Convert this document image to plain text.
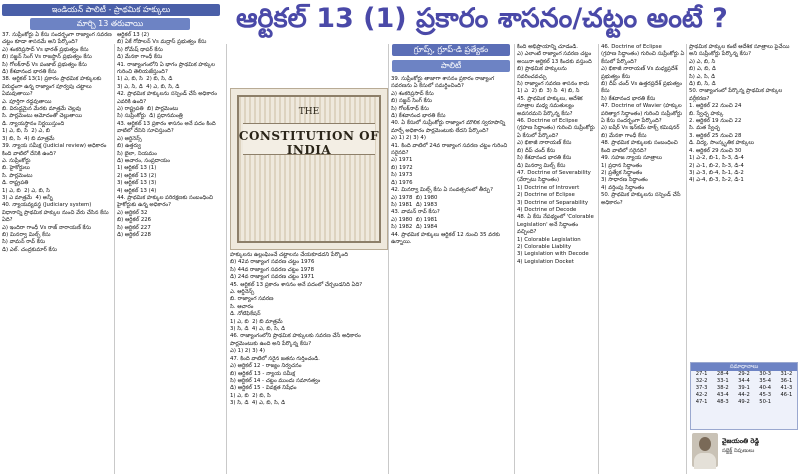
ఇండియన్‌ పాలిటీ - ప్రాథమిక హక్కులు
మార్చి 13 తరువాయి	ఆర్టికల్‌ 13 (1) ప్రకారం శాసనం/చట్టం అంటే ?
గ్రూప్స్‌, గ్రూప్‌-డి ప్రత్యేకం
పాలిటీ
37. సుప్రీంకోర్టు ఏ కేసు సందర్భంగా రాజ్యాంగ సవరణ చట్టం కూడా శాసనమే అని పేర్కొంది?
ఎ) శంకరిప్రసాద్‌ Vs భారత్‌ ప్రభుత్వం కేసు
బి) సజ్జన్‌ సింగ్‌ Vs రాజస్థాన్‌ ప్రభుత్వం కేసు
సి) గోలక్‌నాథ్‌ Vs పంజాబ్‌ ప్రభుత్వం కేసు
డి) కేశవానంద భారతి కేసు
38. ఆర్టికల్‌ 13(1) ప్రకారం ప్రాథమిక హక్కులకు విరుద్ధంగా ఉన్న రాజ్యాంగ పూర్వపు చట్టాలు ఏమవుతాయి?
ఎ. పూర్తిగా రద్దవుతాయి
బి. విరుద్ధమైన మేరకు మాత్రమే చెల్లవు
సి. పార్లమెంటు ఆమోదంతో చెల్లుతాయి
డి. న్యాయస్థానం నిర్ణయిస్తుంది
1) ఎ, బి, సి  2) ఎ, బి
3) బి, సి  4) బి మాత్రమే
39. న్యాయ సమీక్ష (Judicial review) అధికారం కింది వాటిలో దేనికి ఉంది?
ఎ. సుప్రీంకోర్టు
బి. హైకోర్టులు
సి. పార్లమెంటు
డి. రాష్ట్రపతి
1) ఎ, బి  2) ఎ, బి, సి
3) ఎ మాత్రమే  4) అన్నీ
40. న్యాయవ్యవస్థ (Judiciary system) విధానాన్ని ప్రాథమిక హక్కుల నుంచి వేరు చేసిన కేసు ఏది?
ఎ) ఇందిరా గాంధీ Vs రాజ్‌ నారాయణ్‌ కేసు
బి) మినర్వా మిల్స్‌ కేసు
సి) వామన్‌ రావ్‌ కేసు
డి) ఎల్‌. చంద్రకుమార్‌ కేసు
ఆర్టికల్‌ 13 (2)
బి) ఏకే గోపాలన్‌ Vs మద్రాస్‌ ప్రభుత్వం కేసు
సి) రోమేష్‌ థాపర్‌ కేసు
డి) మేనకా గాంధీ కేసు
41. రాజ్యాంగంలోని ఏ భాగం ప్రాథమిక హక్కుల గురించి తెలియజేస్తుంది?
1) ఎ, బి, సి  2) బి, సి, డి
3) ఎ, సి, డి  4) ఎ, బి, సి, డి
42. ప్రాథమిక హక్కులను సస్పెండ్‌ చేసే అధికారం ఎవరికి ఉంది?
ఎ) రాష్ట్రపతి  బి) పార్లమెంటు
సి) సుప్రీంకోర్టు  డి) ప్రధానమంత్రి
43. ఆర్టికల్‌ 13 ప్రకారం శాసనం అనే పదం కింది వాటిలో దేనిని సూచిస్తుంది?
ఎ) ఆర్డినెన్స్‌
బి) ఉత్తర్వు
సి) బైలా, నియమం
డి) ఆచారం, సంప్రదాయం
1) ఆర్టికల్‌ 13 (1)
2) ఆర్టికల్‌ 13 (2)
3) ఆర్టికల్‌ 13 (3)
4) ఆర్టికల్‌ 13 (4)
44. ప్రాథమిక హక్కుల పరిరక్షణకు సంబంధించి హైకోర్టుకు ఉన్న అధికారం?
ఎ) ఆర్టికల్‌ 32
బి) ఆర్టికల్‌ 226
సి) ఆర్టికల్‌ 227
డి) ఆర్టికల్‌ 228
THE
CONSTITUTION OF INDIA
హక్కులను ఉల్లంఘించే చట్టాలను చేయకూడదని పేర్కొంది
బి) 42వ రాజ్యాంగ సవరణ చట్టం 1976
సి) 44వ రాజ్యాంగ సవరణ చట్టం 1978
డి) 24వ రాజ్యాంగ సవరణ చట్టం 1971
45. ఆర్టికల్‌ 13 ప్రకారం శాసనం అనే పదంలో చేర్చబడనిది ఏది?
ఎ. ఆర్డినెన్స్‌
బి. రాజ్యాంగ సవరణ
సి. ఆచారం
డి. నోటిఫికేషన్‌
1) ఎ, బి  2) బి మాత్రమే
3) సి, డి  4) ఎ, బి, సి, డి
46. రాజ్యాంగంలోని ప్రాథమిక హక్కులకు సవరణ చేసే అధికారం పార్లమెంటుకు ఉంది అని పేర్కొన్న కేసు?
ఎ) 1) 2) 3) 4)
47. కింది వాటిలో సరైన జతను గుర్తించండి.
ఎ) ఆర్టికల్‌ 12 - రాజ్యం నిర్వచనం
బి) ఆర్టికల్‌ 13 - న్యాయ సమీక్ష
సి) ఆర్టికల్‌ 14 - చట్టం ముందు సమానత్వం
డి) ఆర్టికల్‌ 15 - వివక్షత నిషేధం
1) ఎ, బి  2) బి, సి
3) సి, డి  4) ఎ, బి, సి, డి
39. సుప్రీంకోర్టు తాజాగా శాసనం ప్రకారం రాజ్యాంగ సవరణను ఏ కేసులో సమర్థించింది?
ఎ) శంకరిప్రసాద్‌ కేసు
బి) సజ్జన్‌ సింగ్‌ కేసు
సి) గోలక్‌నాథ్‌ కేసు
డి) కేశవానంద భారతి కేసు
40. ఏ కేసులో సుప్రీంకోర్టు రాజ్యాంగ మౌలిక స్వరూపాన్ని మార్చే అధికారం పార్లమెంటుకు లేదని పేర్కొంది?
ఎ) 1) 2) 3) 4)
41. కింది వాటిలో 24వ రాజ్యాంగ సవరణ చట్టం గురించి సరైనది?
ఎ) 1971
బి) 1972
సి) 1973
డి) 1976
42. మినర్వా మిల్స్‌ కేసు ఏ సంవత్సరంలో తీర్పు?
ఎ) 1978  బి) 1980
సి) 1981  డి) 1983
43. వామన్‌ రావ్‌ కేసు?
ఎ) 1980  బి) 1981
సి) 1982  డి) 1984
44. ప్రాథమిక హక్కులు ఆర్టికల్‌ 12 నుంచి 35 వరకు ఉన్నాయి.
కింది అభిప్రాయాన్ని చూడండి.
ఎ) ఎలాంటి రాజ్యాంగ సవరణ చట్టం అయినా ఆర్టికల్‌ 13 కిందకు వస్తుంది
బి) ప్రాథమిక హక్కులను సవరించవచ్చు
సి) రాజ్యాంగ సవరణ శాసనం కాదు
1) ఎ  2) బి  3) సి  4) బి, సి
45. ప్రాథమిక హక్కులు, ఆదేశిక సూత్రాల మధ్య సమతుల్యం అవసరమని పేర్కొన్న కేసు?
46. Doctrine of Eclipse
(గ్రహణ సిద్ధాంతం) గురించి సుప్రీంకోర్టు ఏ కేసులో పేర్కొంది?
ఎ) భికాజీ నారాయణ్‌ కేసు
బి) దీప్‌ చంద్‌ కేసు
సి) కేశవానంద భారతి కేసు
డి) మినర్వా మిల్స్‌ కేసు
47. Doctrine of Severability
(వేర్పాటు సిద్ధాంతం)
1) Doctrine of Introvert
2) Doctrine of Eclipse
3) Doctrine of Separability
4) Doctrine of Decode
48. ఏ కేసు నేపథ్యంలో 'Colorable Legislation' అనే సిద్ధాంతం వచ్చింది?
1) Colorable Legislation
2) Colorable Liablity
3) Legislation with Decode
4) Legislation Docket
46. Doctrine of Eclipse
(గ్రహణ సిద్ధాంతం) గురించి సుప్రీంకోర్టు ఏ కేసులో పేర్కొంది?
ఎ) భికాజీ నారాయణ్‌ Vs మధ్యప్రదేశ్‌ ప్రభుత్వం కేసు
బి) దీప్‌ చంద్‌ Vs ఉత్తరప్రదేశ్‌ ప్రభుత్వం కేసు
సి) కేశవానంద భారతి కేసు
47. Doctrine of Wavier (హక్కుల పరిత్యాగ సిద్ధాంతం) గురించి సుప్రీంకోర్టు ఏ కేసు సందర్భంగా పేర్కొంది?
ఎ) బషీర్‌ Vs ఇన్‌కమ్‌ టాక్స్‌ కమిషనర్‌
బి) మేనకా గాంధీ కేసు
48. ప్రాథమిక హక్కులకు సంబంధించి కింది వాటిలో సరైనది?
49. సహజ న్యాయ సూత్రాలు
1) ప్రధాన సిద్ధాంతం
2) ప్రత్యేక సిద్ధాంతం
3) సాధారణ సిద్ధాంతం
4) వర్తింపు సిద్ధాంతం
50. ప్రాథమిక హక్కులను సస్పెండ్‌ చేసే అధికారం?
ప్రాథమిక హక్కుల కంటే ఆదేశిక సూత్రాలు పైచేయి అని సుప్రీంకోర్టు పేర్కొన్న కేసు?
ఎ) ఎ, బి, సి
బి) ఎ, బి, డి
సి) ఎ, సి, డి
డి) బి, సి, డి
50. రాజ్యాంగంలో పేర్కొన్న ప్రాథమిక హక్కుల వర్గీకరణ?
1. ఆర్టికల్‌ 22 నుంచి 24
బి. స్వేచ్ఛ హక్కు
2. ఆర్టికల్‌ 19 నుంచి 22
సి. మత స్వేచ్ఛ
3. ఆర్టికల్‌ 25 నుంచి 28
డి. విద్య, సాంస్కృతిక హక్కులు
4. ఆర్టికల్‌ 29 నుంచి 30
1) ఎ-2, బి-1, సి-3, డి-4
2) ఎ-1, బి-2, సి-3, డి-4
3) ఎ-3, బి-4, సి-1, డి-2
4) ఎ-4, బి-3, సి-2, డి-1
సమాధానాలు
27-1	28-4	29-2	30-3	31-2
32-2	33-1	34-4	35-4	36-1
37-3	38-2	39-1	40-4	41-3
42-2	43-4	44-2	45-3	46-1
47-1	48-3	49-2	50-1	
వైజయంతి రెడ్డి
సబ్జెక్ట్‌ నిపుణులు
